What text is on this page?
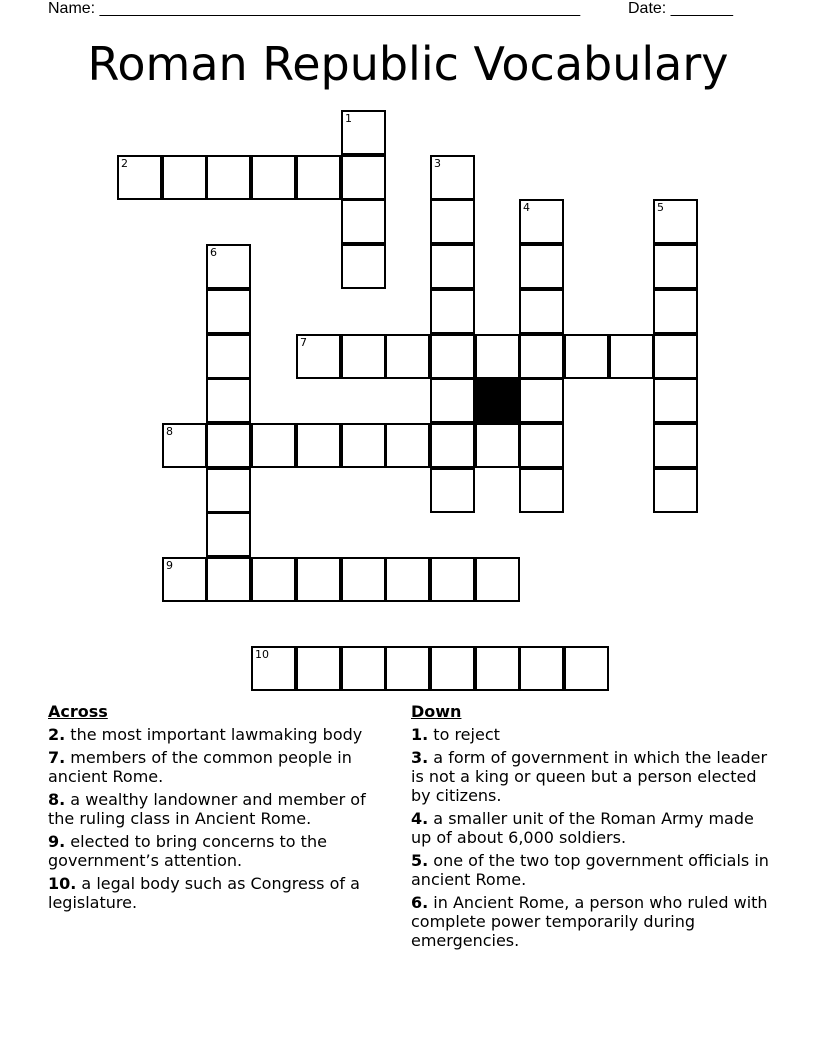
Name: ______________________________________________________	Date: _______
Roman Republic Vocabulary
1
2	3
4	5
6
7
8
9
10
Across
2. the most important lawmaking body
7. members of the common people in ancient Rome.
8. a wealthy landowner and member of the ruling class in Ancient Rome.
9. elected to bring concerns to the government’s attention.
10. a legal body such as Congress of a legislature.
Down
1. to reject
3. a form of government in which the leader is not a king or queen but a person elected by citizens.
4. a smaller unit of the Roman Army made up of about 6,000 soldiers.
5. one of the two top government officials in ancient Rome.
6. in Ancient Rome, a person who ruled with complete power temporarily during emergencies.
